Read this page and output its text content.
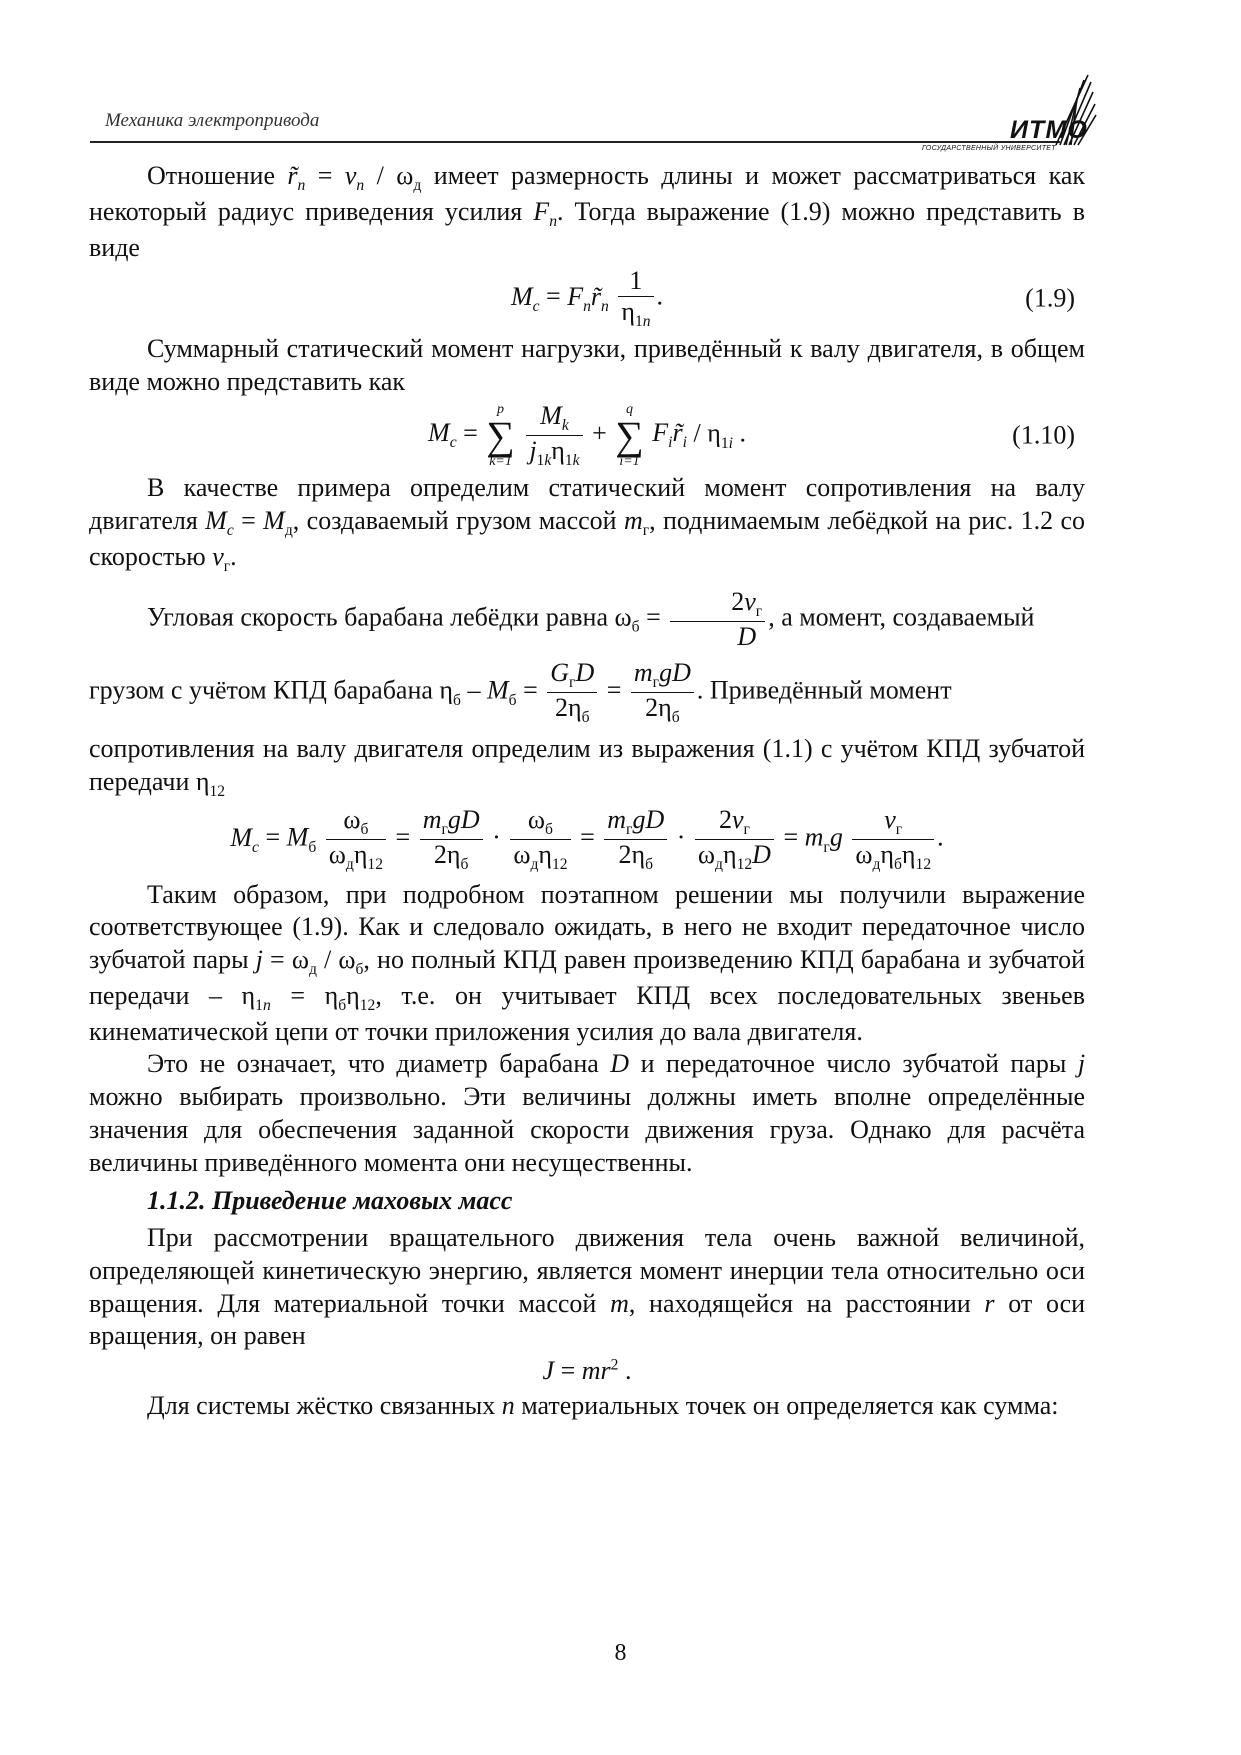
Механика электропривода	ИТМО
ГОСУДАРСТВЕННЫЙ УНИВЕРСИТЕТ

Отношение $r̃_n = v_n / \omega_д$ имеет размерность длины и может рассматриваться как некоторый радиус приведения усилия $F_n$. Тогда выражение (1.9) можно представить в виде

$M_c$ = $F_nr̃_n \frac{1}{\eta_{1n}}$ .	(1.9)

Суммарный статический момент нагрузки, приведённый к валу двигателя, в общем виде можно представить как

$M_c$ =
p
∑
k=1
$\frac{M_k}{j_{1k}\eta_{1k}}$ +
q
∑
i=1
$F_ir̃_i / \eta_{1i}$ .	(1.10)

В качестве примера определим статический момент сопротивления на валу двигателя $M_c = M_д$, создаваемый грузом массой $m_г$, поднимаемым лебёдкой на рис. 1.2 со скоростью $v_г$.

Угловая скорость барабана лебёдки равна $\omega_б = \frac{2v_г}{D}$ , а момент, создаваемый

грузом с учётом КПД барабана $\eta_б - M_б = \frac{G_гD}{2\eta_б} = \frac{m_гgD}{2\eta_б}$ . Приведённый момент

сопротивления на валу двигателя определим из выражения (1.1) с учётом КПД зубчатой передачи $\eta_{12}$

$M_c = M_б \frac{\omega_б}{\omega_д\eta_{12}} = \frac{m_гgD}{2\eta_б} \cdot \frac{\omega_б}{\omega_д\eta_{12}} = \frac{m_гgD}{2\eta_б} \cdot \frac{2v_г}{\omega_д\eta_{12}D} = m_гg \frac{v_г}{\omega_д\eta_б\eta_{12}}$ .

Таким образом, при подробном поэтапном решении мы получили выражение соответствующее (1.9). Как и следовало ожидать, в него не входит передаточное число зубчатой пары $j = \omega_д / \omega_б$, но полный КПД равен произведению КПД барабана и зубчатой передачи – $\eta_{1n} = \eta_б\eta_{12}$, т.е. он учитывает КПД всех последовательных звеньев кинематической цепи от точки приложения усилия до вала двигателя.

Это не означает, что диаметр барабана D и передаточное число зубчатой пары j можно выбирать произвольно. Эти величины должны иметь вполне определённые значения для обеспечения заданной скорости движения груза. Однако для расчёта величины приведённого момента они несущественны.

1.1.2. Приведение маховых масс

При рассмотрении вращательного движения тела очень важной величиной, определяющей кинетическую энергию, является момент инерции тела относительно оси вращения. Для материальной точки массой m, находящейся на расстоянии r от оси вращения, он равен

$J = mr^2$ .

Для системы жёстко связанных n материальных точек он определяется как сумма:

8
